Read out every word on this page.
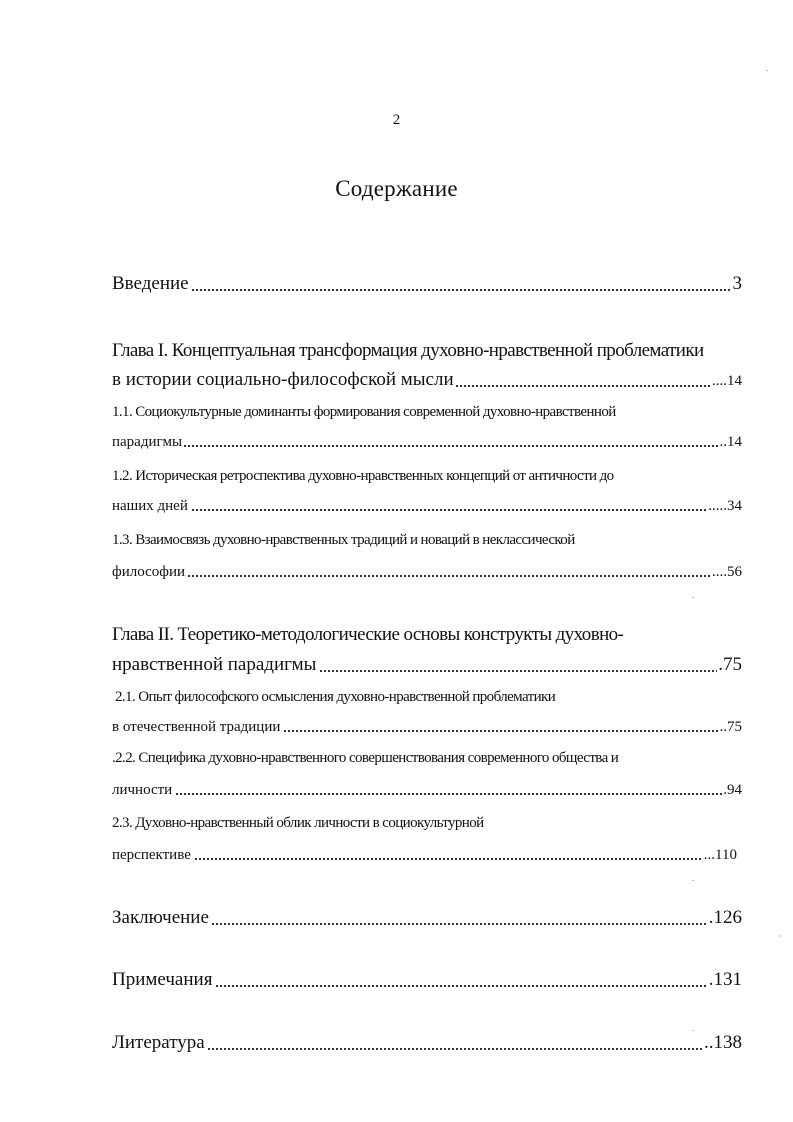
2
Содержание
Введение	3
Глава I. Концептуальная трансформация духовно-нравственной проблематики
в истории социально-философской мысли	....14
1.1. Социокультурные доминанты формирования современной духовно-нравственной
парадигмы	..14
1.2. Историческая ретроспектива духовно-нравственных концепций от античности до
наших дней	.....34
1.3. Взаимосвязь духовно-нравственных традиций и новаций в неклассической
философии	....56
Глава II. Теоретико-методологические основы конструкты духовно-
нравственной парадигмы	.75
2.1. Опыт философского осмысления духовно-нравственной проблематики
в отечественной традиции	..75
.2.2. Специфика духовно-нравственного совершенствования современного общества и
личности	.94
2.3. Духовно-нравственный облик личности в социокультурной
перспективе	...110
Заключение	.126
Примечания	.131
Литература	..138
